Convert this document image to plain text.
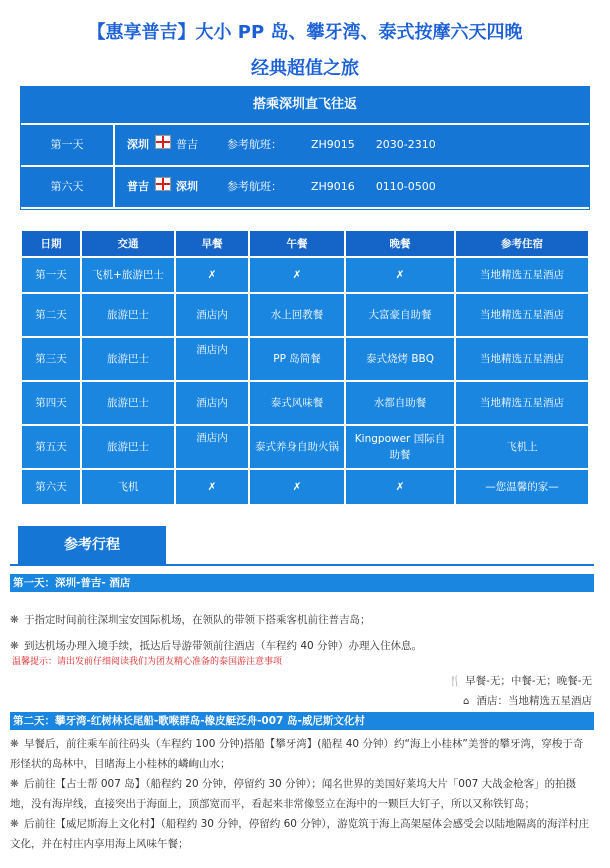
【惠享普吉】大小 PP 岛、攀牙湾、泰式按摩六天四晚
经典超值之旅
搭乘深圳直飞往返
第一天	深圳 普吉	参考航班：	ZH9015 2030-2310
第六天	普吉 深圳	参考航班：	ZH9016 0110-0500
日期	交通	早餐	午餐	晚餐	参考住宿
第一天	飞机+旅游巴士	✗	✗	✗	当地精选五星酒店
第二天	旅游巴士	酒店内	水上回教餐	大富豪自助餐	当地精选五星酒店
第三天	旅游巴士	酒店内	PP 岛简餐	泰式烧烤 BBQ	当地精选五星酒店
第四天	旅游巴士	酒店内	泰式风味餐	水都自助餐	当地精选五星酒店
第五天	旅游巴士	酒店内	泰式养身自助火锅	Kingpower 国际自助餐	飞机上
第六天	飞机	✗	✗	✗	—您温馨的家—
参考行程
第一天：深圳-普吉- 酒店
❋ 于指定时间前往深圳宝安国际机场，在领队的带领下搭乘客机前往普吉岛；
❋ 到达机场办理入境手续，抵达后导游带领前往酒店（车程约 40 分钟）办理入住休息。
温馨提示：请出发前仔细阅读我们为团友精心准备的泰国游注意事项
🍴 早餐-无；中餐-无；晚餐-无
⌂ 酒店：当地精选五星酒店
第二天：攀牙湾-红树林长尾船-歌喉群岛-橡皮艇泛舟-007 岛-威尼斯文化村
❋ 早餐后，前往乘车前往码头（车程约 100 分钟)搭船【攀牙湾】(船程 40 分钟）约“海上小桂林”美誉的攀牙湾，穿梭于奇形怪状的岛林中，目睹海上小桂林的嶙峋山水；
❋ 后前往【占士帮 007 岛】（船程约 20 分钟，停留约 30 分钟）；闻名世界的美国好莱坞大片「007 大战金枪客」的拍摄地，没有海岸线，直接突出于海面上，顶部宽而平，看起来非常像竖立在海中的一颗巨大钉子，所以又称铁钉岛；
❋ 后前往【威尼斯海上文化村】（船程约 30 分钟，停留约 60 分钟），游览筑于海上高架屋体会感受会以陆地隔离的海洋村庄文化，并在村庄内享用海上风味午餐；
